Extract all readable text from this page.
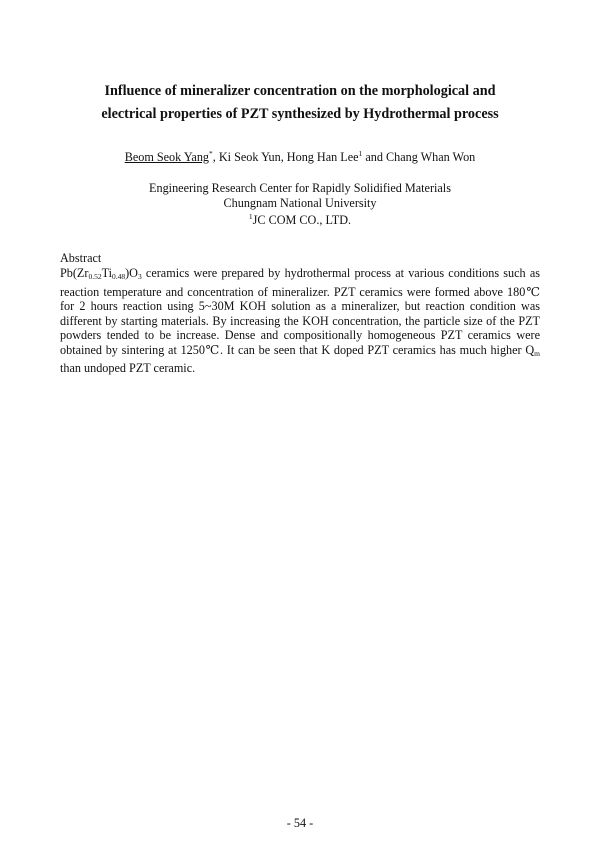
Influence of mineralizer concentration on the morphological and
electrical properties of PZT synthesized by Hydrothermal process
Beom Seok Yang*, Ki Seok Yun, Hong Han Lee$^1$ and Chang Whan Won
Engineering Research Center for Rapidly Solidified Materials
Chungnam National University
$^1$JC COM CO., LTD.
Abstract
$Pb(Zr_{0.52}Ti_{0.48})O_3$ ceramics were prepared by hydrothermal process at various conditions such as reaction temperature and concentration of mineralizer. PZT ceramics were formed above 180℃ for 2 hours reaction using 5~30M KOH solution as a mineralizer, but reaction condition was different by starting materials. By increasing the KOH concentration, the particle size of the PZT powders tended to be increase. Dense and compositionally homogeneous PZT ceramics were obtained by sintering at 1250℃. It can be seen that K doped PZT ceramics has much higher $Q_m$ than undoped PZT ceramic.
- 54 -
